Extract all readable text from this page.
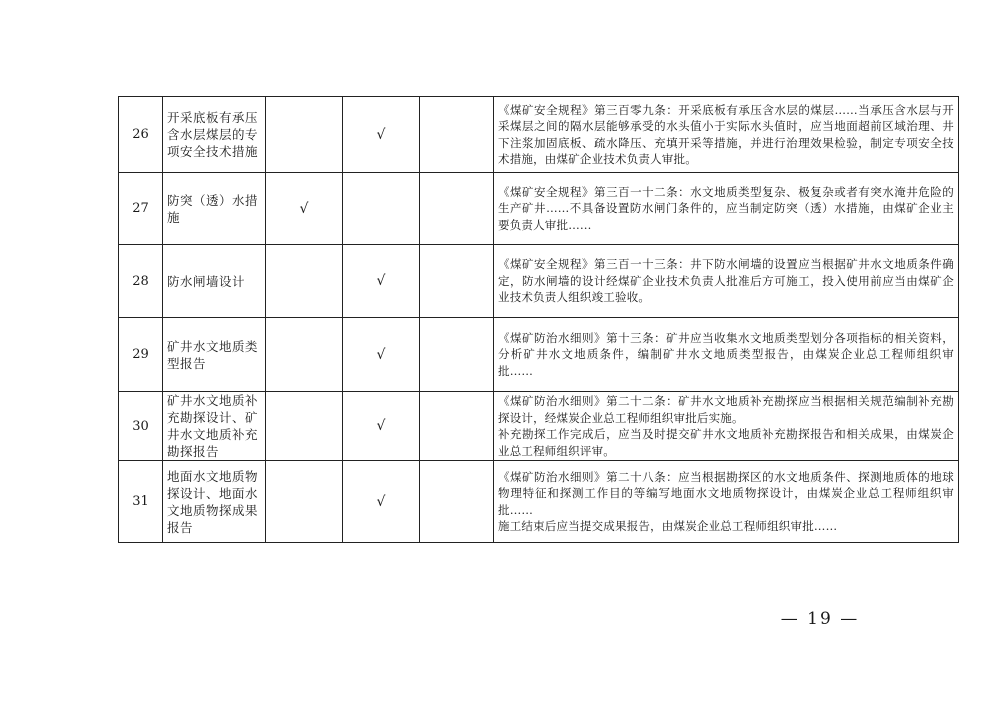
26	开采底板有承压含水层煤层的专项安全技术措施		√		《煤矿安全规程》第三百零九条：开采底板有承压含水层的煤层……当承压含水层与开采煤层之间的隔水层能够承受的水头值小于实际水头值时，应当地面超前区域治理、井下注浆加固底板、疏水降压、充填开采等措施，并进行治理效果检验，制定专项安全技术措施，由煤矿企业技术负责人审批。

27	防突（透）水措施	√			《煤矿安全规程》第三百一十二条：水文地质类型复杂、极复杂或者有突水淹井危险的生产矿井……不具备设置防水闸门条件的，应当制定防突（透）水措施，由煤矿企业主要负责人审批……

28	防水闸墙设计		√		《煤矿安全规程》第三百一十三条：井下防水闸墙的设置应当根据矿井水文地质条件确定，防水闸墙的设计经煤矿企业技术负责人批准后方可施工，投入使用前应当由煤矿企业技术负责人组织竣工验收。

29	矿井水文地质类型报告		√		《煤矿防治水细则》第十三条：矿井应当收集水文地质类型划分各项指标的相关资料，分析矿井水文地质条件，编制矿井水文地质类型报告，由煤炭企业总工程师组织审批……

30	矿井水文地质补充勘探设计、矿井水文地质补充勘探报告		√		《煤矿防治水细则》第二十二条：矿井水文地质补充勘探应当根据相关规范编制补充勘探设计，经煤炭企业总工程师组织审批后实施。

补充勘探工作完成后，应当及时提交矿井水文地质补充勘探报告和相关成果，由煤炭企业总工程师组织评审。

31	地面水文地质物探设计、地面水文地质物探成果报告		√		《煤矿防治水细则》第二十八条：应当根据勘探区的水文地质条件、探测地质体的地球物理特征和探测工作目的等编写地面水文地质物探设计，由煤炭企业总工程师组织审批……

施工结束后应当提交成果报告，由煤炭企业总工程师组织审批……

— 19 —
